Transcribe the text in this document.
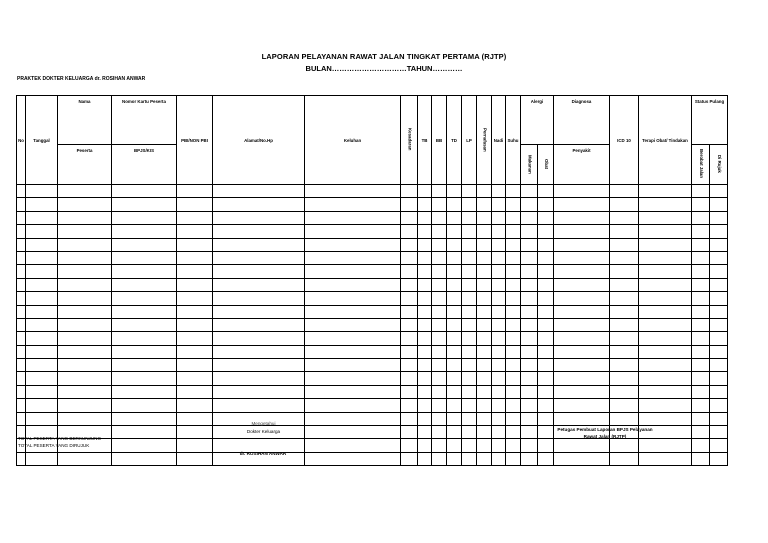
LAPORAN PELAYANAN RAWAT JALAN TINGKAT PERTAMA (RJTP)
BULAN…………………………TAHUN…………
PRAKTEK DOKTER KELUARGA dr. ROSIHAN ANWAR
No	Tanggal	Nama	Nomor Kartu Peserta	PBI/NON PBI	Alamat/No.Hp	Keluhan	Kesadaran	TB	BB	TD	LP	Pernafasan	Nadi	Suhu	Alergi		Diagnosa	ICD 10	Terapi Obat/ Tindakan	Status Pulang	
		Peserta	BPJS/KIS												Makanan	Obat	Penyakit			Berobat Jalan	Di Rujuk

TOTAL PESERTA YANG BERKUNJUNG
TOTAL PESERTA YANG DIRUJUK
Mengetahui
Dokter Keluarga
dr. ROSIHAN ANWAR
Petugas Pembuat Laporan BPJS Pelayanan
Rawat Jalan (RJTP)
